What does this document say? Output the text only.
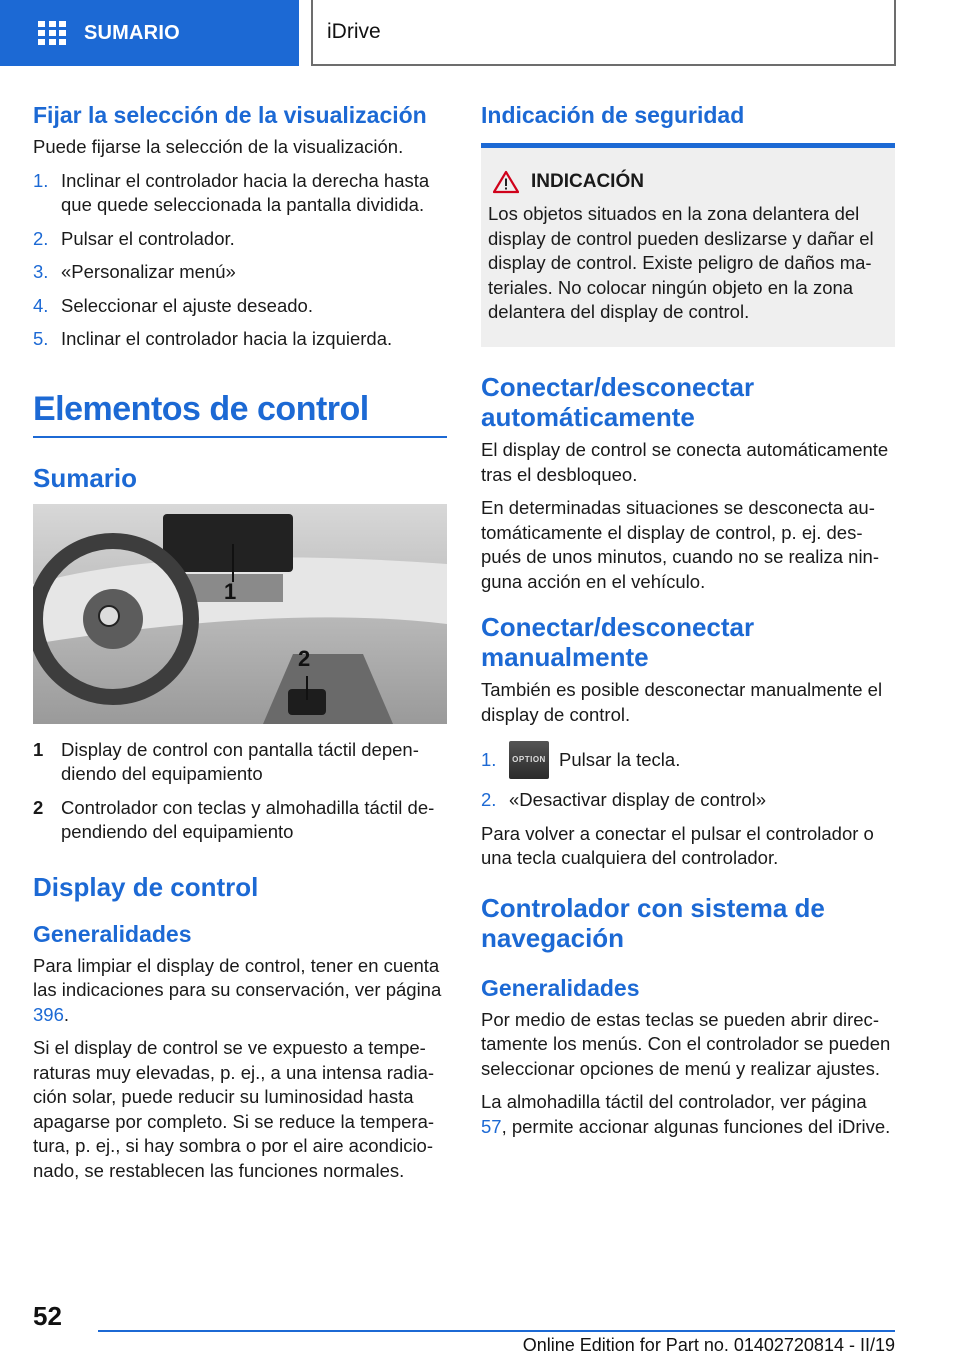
SUMARIO	iDrive
Fijar la selección de la visualización

Puede fijarse la selección de la visualización.

1. Inclinar el controlador hacia la derecha hasta que quede seleccionada la pantalla dividida.
2. Pulsar el controlador.
3. «Personalizar menú»
4. Seleccionar el ajuste deseado.
5. Inclinar el controlador hacia la izquierda.
Elementos de control
Sumario
1
2
1 Display de control con pantalla táctil dependiendo del equipamiento
2 Controlador con teclas y almohadilla táctil dependiendo del equipamiento
Display de control
Generalidades

Para limpiar el display de control, tener en cuenta las indicaciones para su conservación, ver página 396.

Si el display de control se ve expuesto a temperaturas muy elevadas, p. ej., a una intensa radiación solar, puede reducir su luminosidad hasta apagarse por completo. Si se reduce la temperatura, p. ej., si hay sombra o por el aire acondicionado, se restablecen las funciones normales.

Indicación de seguridad
INDICACIÓN

Los objetos situados en la zona delantera del display de control pueden deslizarse y dañar el display de control. Existe peligro de daños materiales. No colocar ningún objeto en la zona delantera del display de control.

Conectar/desconectar automáticamente

El display de control se conecta automáticamente tras el desbloqueo.

En determinadas situaciones se desconecta automáticamente el display de control, p. ej. después de unos minutos, cuando no se realiza ninguna acción en el vehículo.

Conectar/desconectar manualmente

También es posible desconectar manualmente el display de control.

1.	OPTION Pulsar la tecla.
2. «Desactivar display de control»

Para volver a conectar el pulsar el controlador o una tecla cualquiera del controlador.

Controlador con sistema de navegación
Generalidades

Por medio de estas teclas se pueden abrir directamente los menús. Con el controlador se pueden seleccionar opciones de menú y realizar ajustes.

La almohadilla táctil del controlador, ver página 57, permite accionar algunas funciones del iDrive.

52
Online Edition for Part no. 01402720814 - II/19
